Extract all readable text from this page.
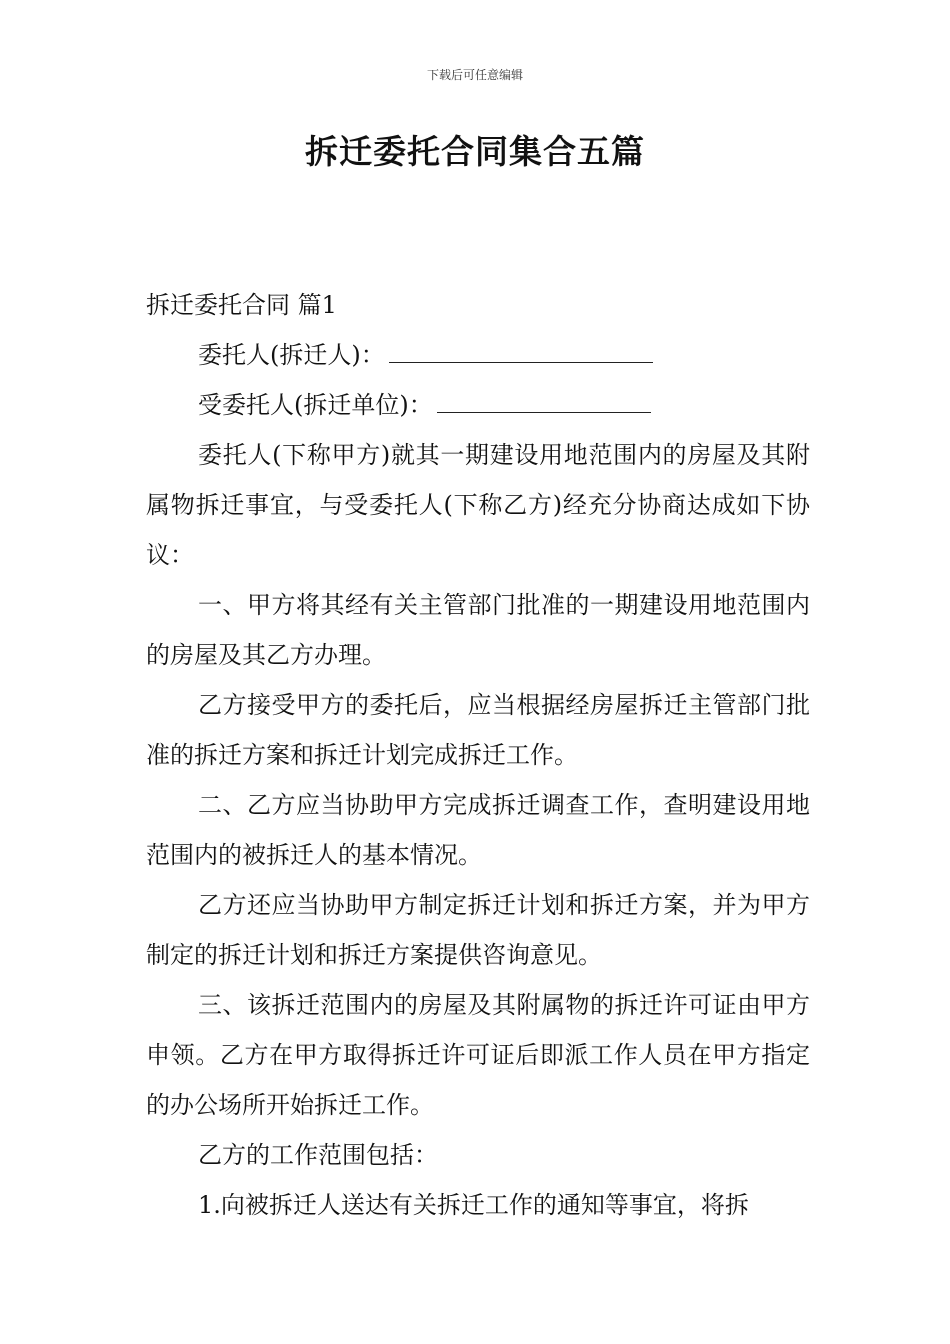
下载后可任意编辑
拆迁委托合同集合五篇

拆迁委托合同 篇1

委托人(拆迁人)：

受委托人(拆迁单位)：

委托人(下称甲方)就其一期建设用地范围内的房屋及其附属物拆迁事宜，与受委托人(下称乙方)经充分协商达成如下协议：

一、甲方将其经有关主管部门批准的一期建设用地范围内的房屋及其乙方办理。

乙方接受甲方的委托后，应当根据经房屋拆迁主管部门批准的拆迁方案和拆迁计划完成拆迁工作。

二、乙方应当协助甲方完成拆迁调查工作，查明建设用地范围内的被拆迁人的基本情况。

乙方还应当协助甲方制定拆迁计划和拆迁方案，并为甲方制定的拆迁计划和拆迁方案提供咨询意见。

三、该拆迁范围内的房屋及其附属物的拆迁许可证由甲方申领。乙方在甲方取得拆迁许可证后即派工作人员在甲方指定的办公场所开始拆迁工作。

乙方的工作范围包括：

1.向被拆迁人送达有关拆迁工作的通知等事宜，将拆
